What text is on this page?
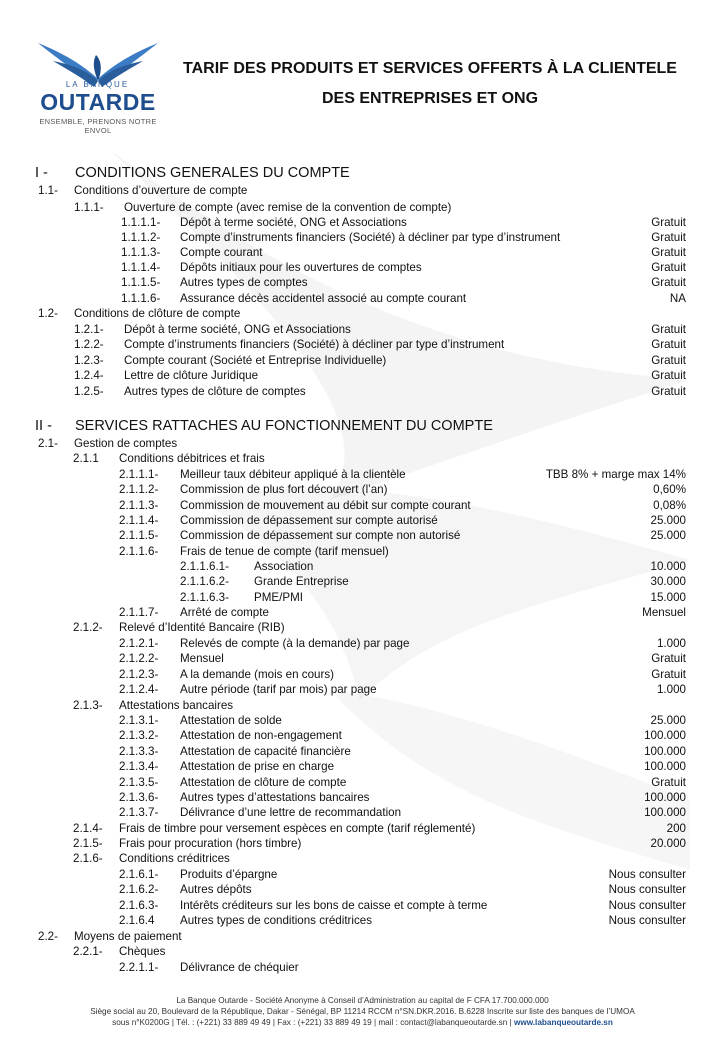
LA BANQUE
OUTARDE
ENSEMBLE, PRENONS NOTRE ENVOL
TARIF DES PRODUITS ET SERVICES OFFERTS À LA CLIENTELE
DES ENTREPRISES ET ONG
I - CONDITIONS GENERALES DU COMPTE
1.1- Conditions d’ouverture de compte
1.1.1- Ouverture de compte (avec remise de la convention de compte)
1.1.1.1- Dépôt à terme société, ONG et Associations	Gratuit
1.1.1.2- Compte d’instruments financiers (Société) à décliner par type d’instrument	Gratuit
1.1.1.3- Compte courant	Gratuit
1.1.1.4- Dépôts initiaux pour les ouvertures de comptes	Gratuit
1.1.1.5- Autres types de comptes	Gratuit
1.1.1.6- Assurance décès accidentel associé au compte courant	NA
1.2- Conditions de clôture de compte
1.2.1- Dépôt à terme société, ONG et Associations	Gratuit
1.2.2- Compte d’instruments financiers (Société) à décliner par type d’instrument	Gratuit
1.2.3- Compte courant (Société et Entreprise Individuelle)	Gratuit
1.2.4- Lettre de clôture Juridique	Gratuit
1.2.5- Autres types de clôture de comptes	Gratuit
II - SERVICES RATTACHES AU FONCTIONNEMENT DU COMPTE
2.1- Gestion de comptes
2.1.1 Conditions débitrices et frais
2.1.1.1- Meilleur taux débiteur appliqué à la clientèle	TBB 8% + marge max 14%
2.1.1.2- Commission de plus fort découvert (l’an)	0,60%
2.1.1.3- Commission de mouvement au débit sur compte courant	0,08%
2.1.1.4- Commission de dépassement sur compte autorisé	25.000
2.1.1.5- Commission de dépassement sur compte non autorisé	25.000
2.1.1.6- Frais de tenue de compte (tarif mensuel)
2.1.1.6.1- Association	10.000
2.1.1.6.2- Grande Entreprise	30.000
2.1.1.6.3- PME/PMI	15.000
2.1.1.7- Arrêté de compte	Mensuel
2.1.2- Relevé d’Identité Bancaire (RIB)
2.1.2.1- Relevés de compte (à la demande) par page	1.000
2.1.2.2- Mensuel	Gratuit
2.1.2.3- A la demande (mois en cours)	Gratuit
2.1.2.4- Autre période (tarif par mois) par page	1.000
2.1.3- Attestations bancaires
2.1.3.1- Attestation de solde	25.000
2.1.3.2- Attestation de non-engagement	100.000
2.1.3.3- Attestation de capacité financière	100.000
2.1.3.4- Attestation de prise en charge	100.000
2.1.3.5- Attestation de clôture de compte	Gratuit
2.1.3.6- Autres types d’attestations bancaires	100.000
2.1.3.7- Délivrance d’une lettre de recommandation	100.000
2.1.4- Frais de timbre pour versement espèces en compte (tarif réglementé)	200
2.1.5- Frais pour procuration (hors timbre)	20.000
2.1.6- Conditions créditrices
2.1.6.1- Produits d’épargne	Nous consulter
2.1.6.2- Autres dépôts	Nous consulter
2.1.6.3- Intérêts créditeurs sur les bons de caisse et compte à terme	Nous consulter
2.1.6.4 Autres types de conditions créditrices	Nous consulter
2.2- Moyens de paiement
2.2.1- Chèques
2.2.1.1- Délivrance de chéquier
La Banque Outarde - Société Anonyme à Conseil d’Administration au capital de F CFA 17.700.000.000
Siège social au 20, Boulevard de la République, Dakar - Sénégal, BP 11214 RCCM n°SN.DKR.2016. B.6228 Inscrite sur liste des banques de l’UMOA
sous n°K0200G | Tél. : (+221) 33 889 49 49 | Fax : (+221) 33 889 49 19 | mail : contact@labanqueoutarde.sn | www.labanqueoutarde.sn
